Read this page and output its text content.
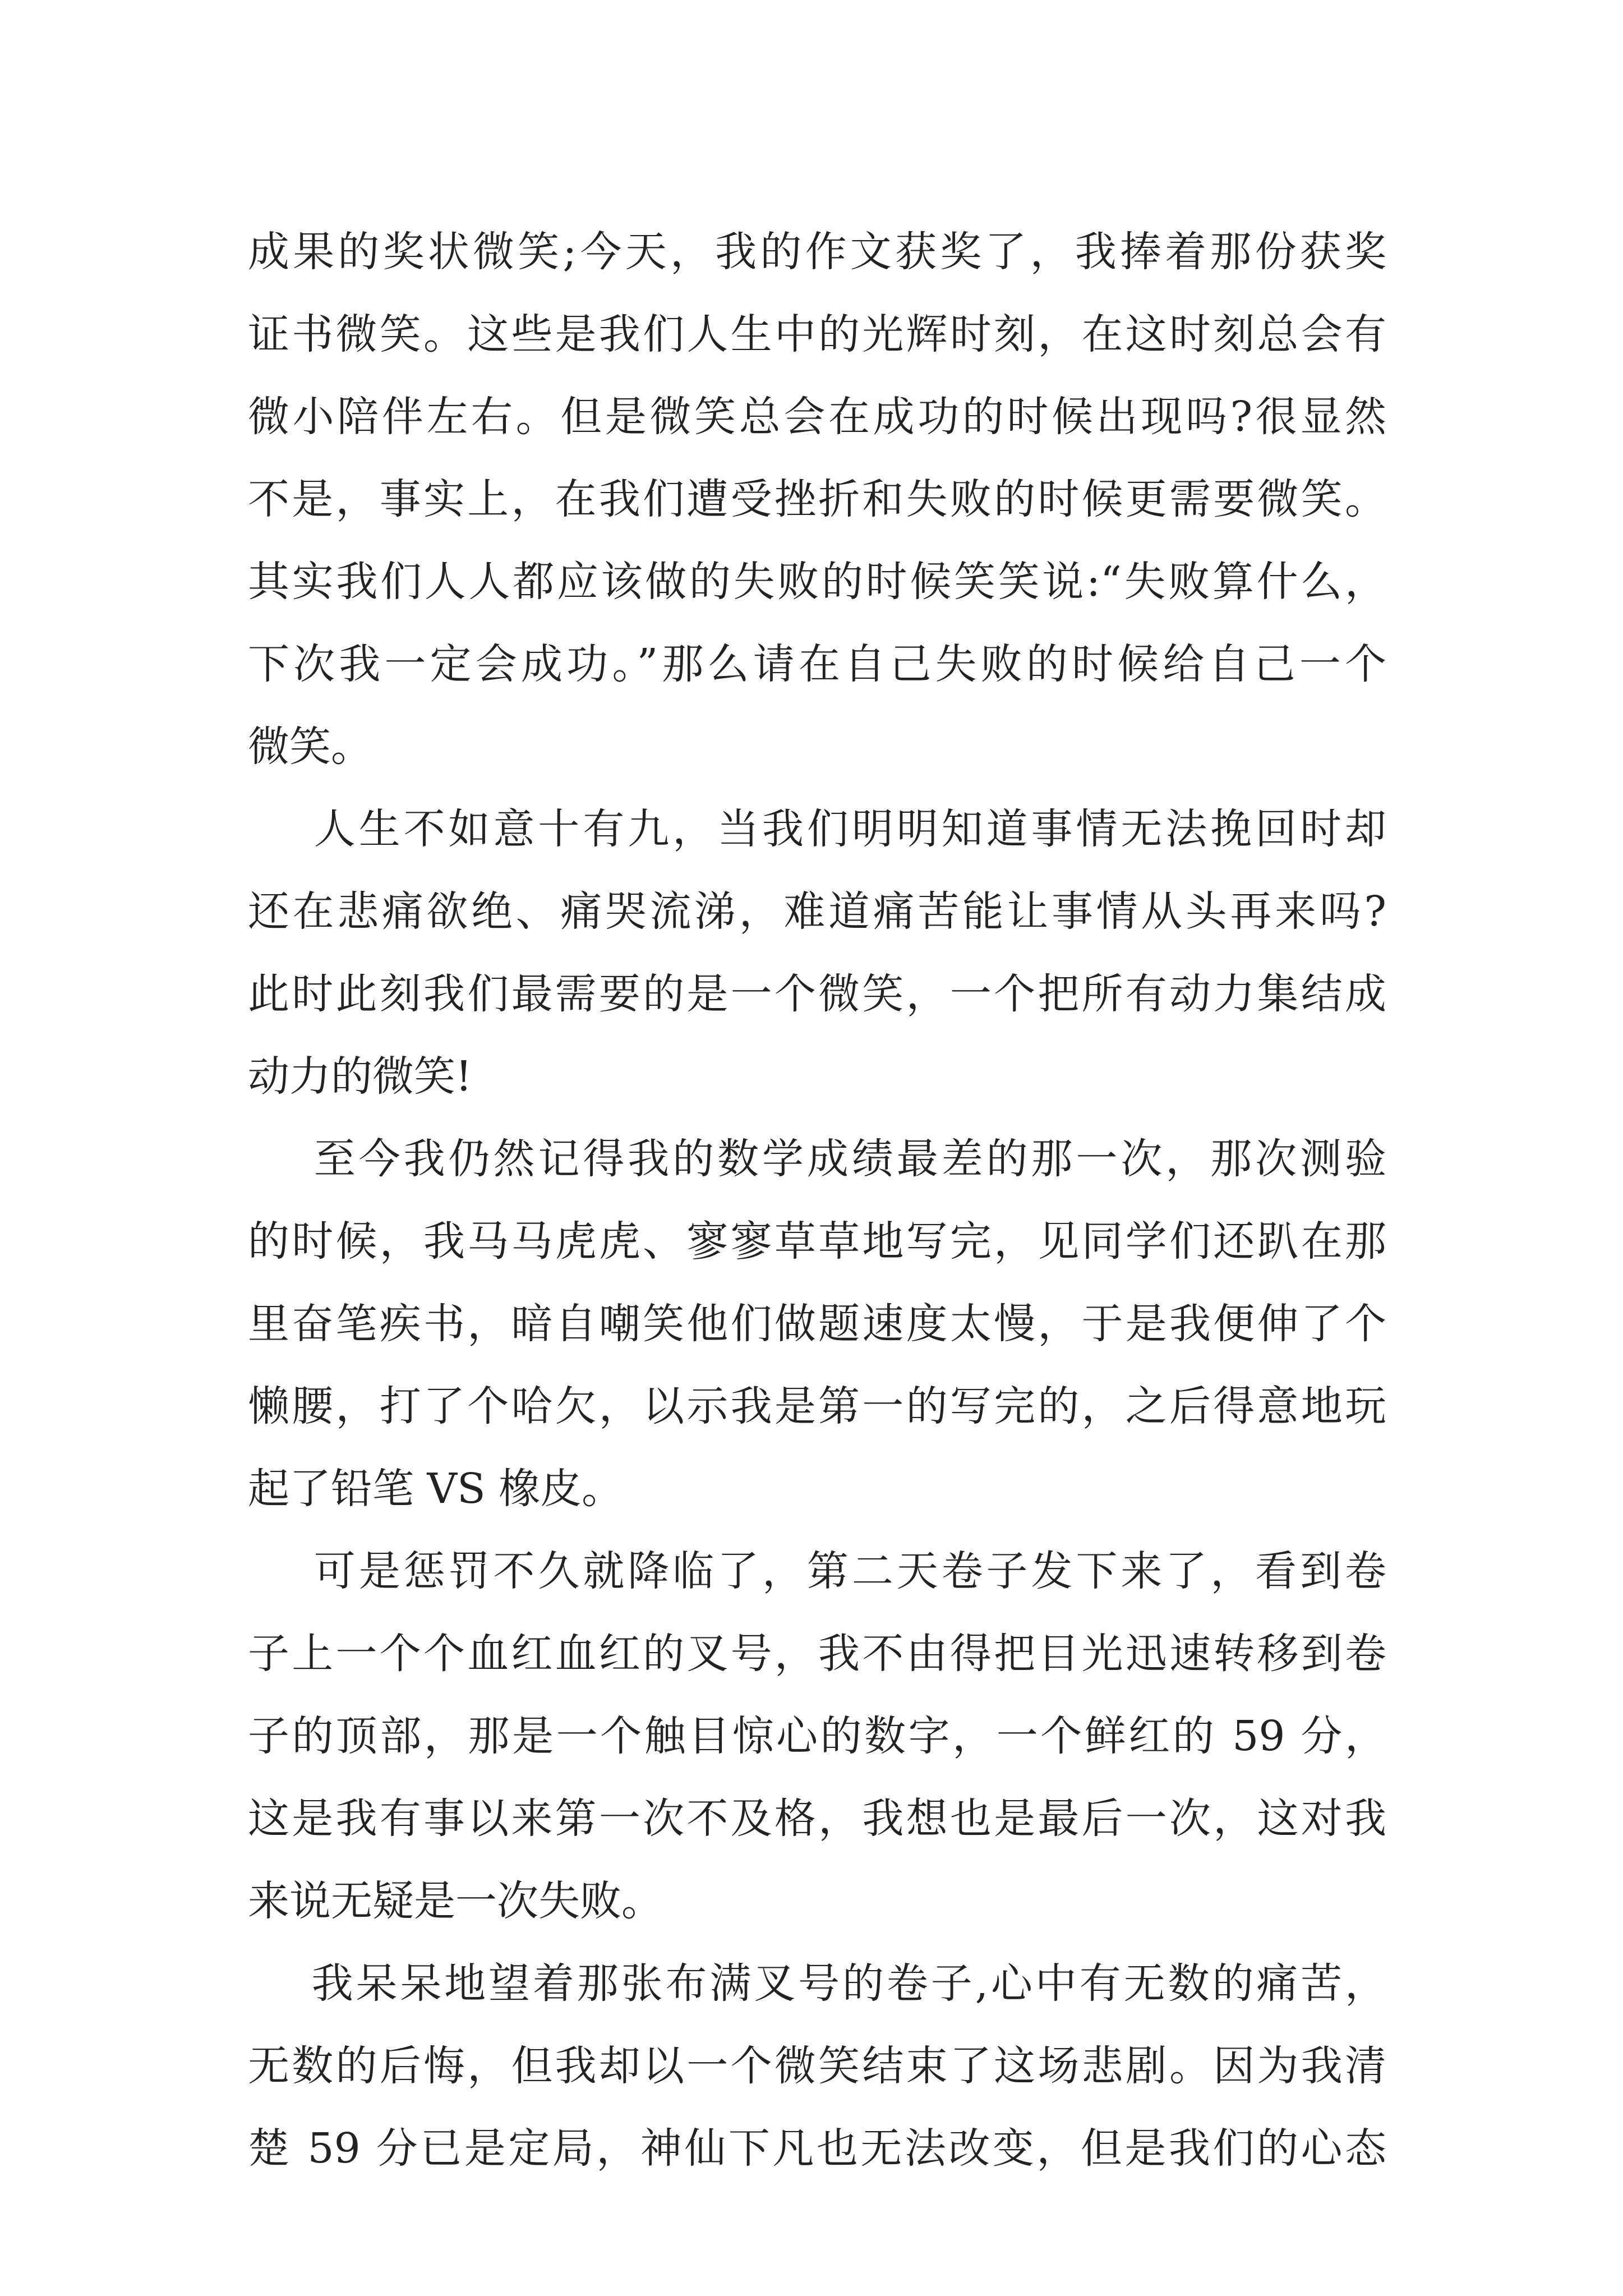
成果的奖状微笑;今天，我的作文获奖了，我捧着那份获奖
证书微笑。这些是我们人生中的光辉时刻，在这时刻总会有
微小陪伴左右。但是微笑总会在成功的时候出现吗?很显然
不是，事实上，在我们遭受挫折和失败的时候更需要微笑。
其实我们人人都应该做的失败的时候笑笑说:“失败算什么，
下次我一定会成功。”那么请在自己失败的时候给自己一个
微笑。
人生不如意十有九，当我们明明知道事情无法挽回时却
还在悲痛欲绝、痛哭流涕，难道痛苦能让事情从头再来吗?
此时此刻我们最需要的是一个微笑，一个把所有动力集结成
动力的微笑!
至今我仍然记得我的数学成绩最差的那一次，那次测验
的时候，我马马虎虎、寥寥草草地写完，见同学们还趴在那
里奋笔疾书，暗自嘲笑他们做题速度太慢，于是我便伸了个
懒腰，打了个哈欠，以示我是第一的写完的，之后得意地玩
起了铅笔 VS 橡皮。
可是惩罚不久就降临了，第二天卷子发下来了，看到卷
子上一个个血红血红的叉号，我不由得把目光迅速转移到卷
子的顶部，那是一个触目惊心的数字，一个鲜红的 59 分，
这是我有事以来第一次不及格，我想也是最后一次，这对我
来说无疑是一次失败。
我呆呆地望着那张布满叉号的卷子,心中有无数的痛苦，
无数的后悔，但我却以一个微笑结束了这场悲剧。因为我清
楚 59 分已是定局，神仙下凡也无法改变，但是我们的心态
